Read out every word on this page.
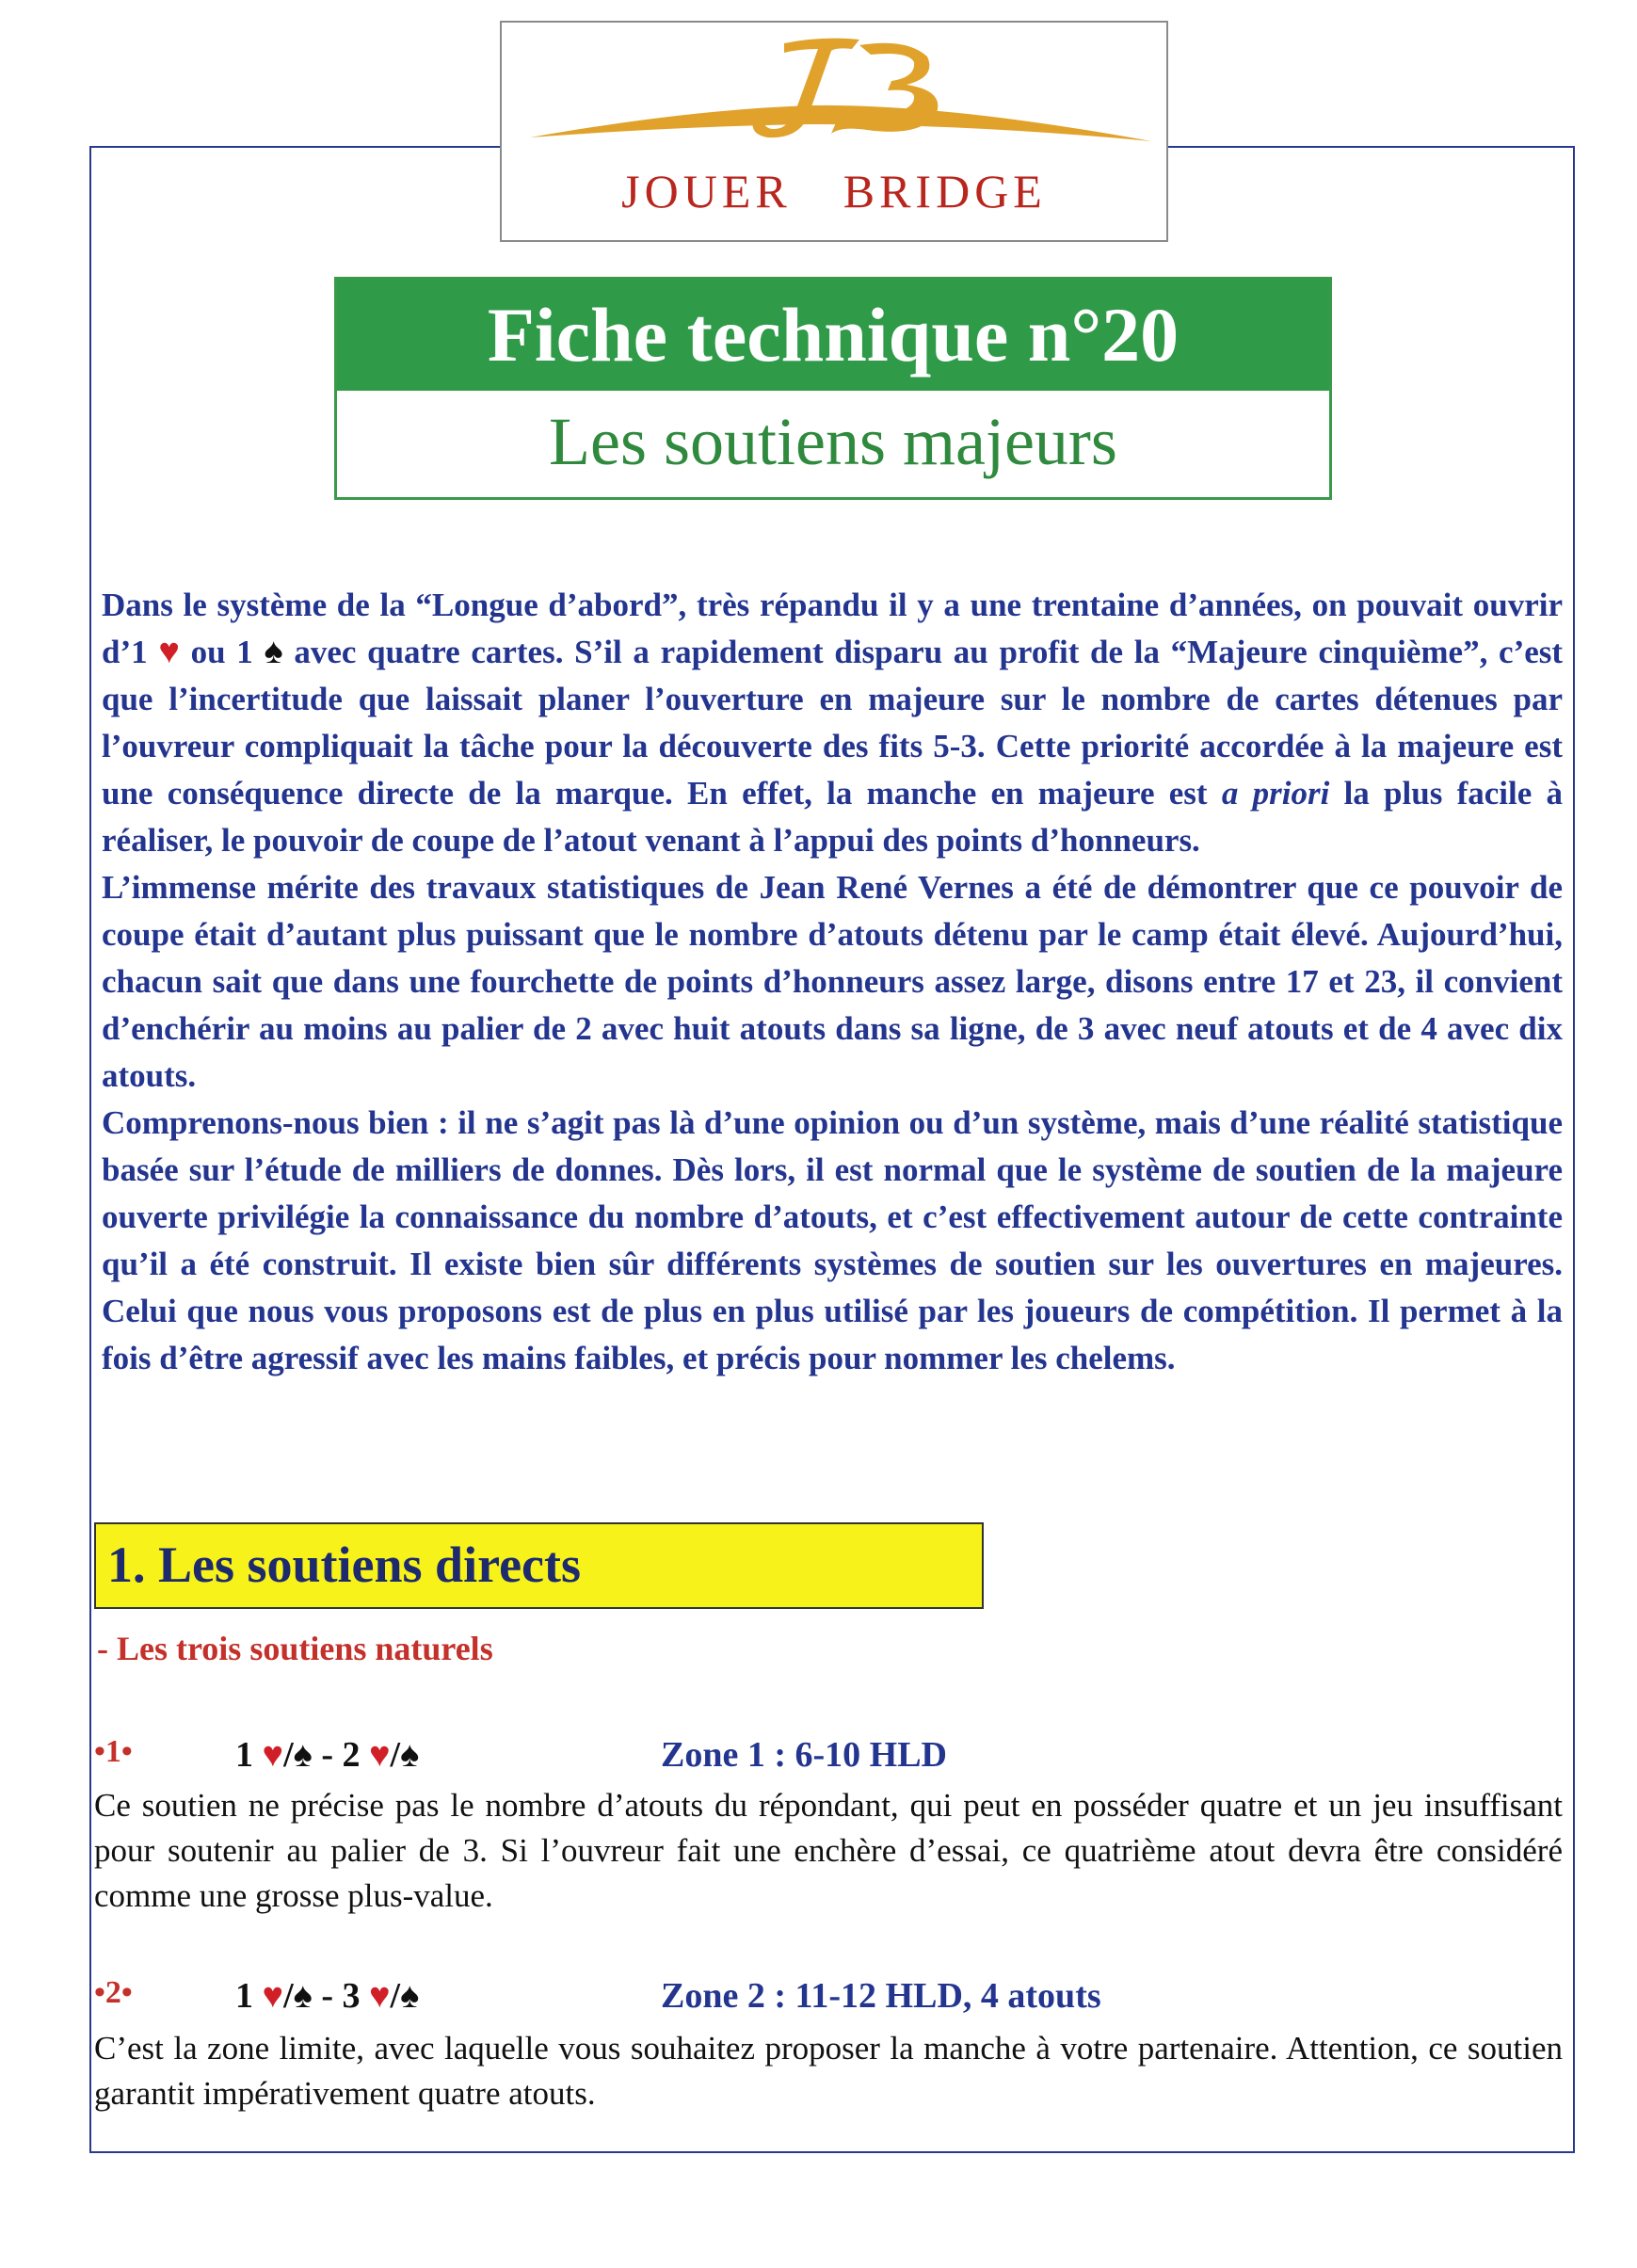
JOUER BRIDGE
Fiche technique n°20
Les soutiens majeurs

Dans le système de la “Longue d’abord”, très répandu il y a une trentaine d’années, on pouvait ouvrir d’1 ♥ ou 1 ♠ avec quatre cartes. S’il a rapidement disparu au profit de la “Majeure cinquième”, c’est que l’incertitude que laissait planer l’ouverture en majeure sur le nombre de cartes détenues par l’ouvreur compliquait la tâche pour la découverte des fits 5-3. Cette priorité accordée à la majeure est une conséquence directe de la marque. En effet, la manche en majeure est a priori la plus facile à réaliser, le pouvoir de coupe de l’atout venant à l’appui des points d’honneurs.

L’immense mérite des travaux statistiques de Jean René Vernes a été de démontrer que ce pouvoir de coupe était d’autant plus puissant que le nombre d’atouts détenu par le camp était élevé. Aujourd’hui, chacun sait que dans une fourchette de points d’honneurs assez large, disons entre 17 et 23, il convient d’enchérir au moins au palier de 2 avec huit atouts dans sa ligne, de 3 avec neuf atouts et de 4 avec dix atouts.

Comprenons-nous bien : il ne s’agit pas là d’une opinion ou d’un système, mais d’une réalité statistique basée sur l’étude de milliers de donnes. Dès lors, il est normal que le système de soutien de la majeure ouverte privilégie la connaissance du nombre d’atouts, et c’est effectivement autour de cette contrainte qu’il a été construit. Il existe bien sûr différents systèmes de soutien sur les ouvertures en majeures. Celui que nous vous proposons est de plus en plus utilisé par les joueurs de compétition. Il permet à la fois d’être agressif avec les mains faibles, et précis pour nommer les chelems.

1. Les soutiens directs
- Les trois soutiens naturels
•1•	1 ♥/♠ - 2 ♥/♠	Zone 1 : 6-10 HLD

Ce soutien ne précise pas le nombre d’atouts du répondant, qui peut en posséder quatre et un jeu insuffisant pour soutenir au palier de 3. Si l’ouvreur fait une enchère d’essai, ce quatrième atout devra être considéré comme une grosse plus-value.

•2•	1 ♥/♠ - 3 ♥/♠	Zone 2 : 11-12 HLD, 4 atouts

C’est la zone limite, avec laquelle vous souhaitez proposer la manche à votre partenaire. Attention, ce soutien garantit impérativement quatre atouts.
